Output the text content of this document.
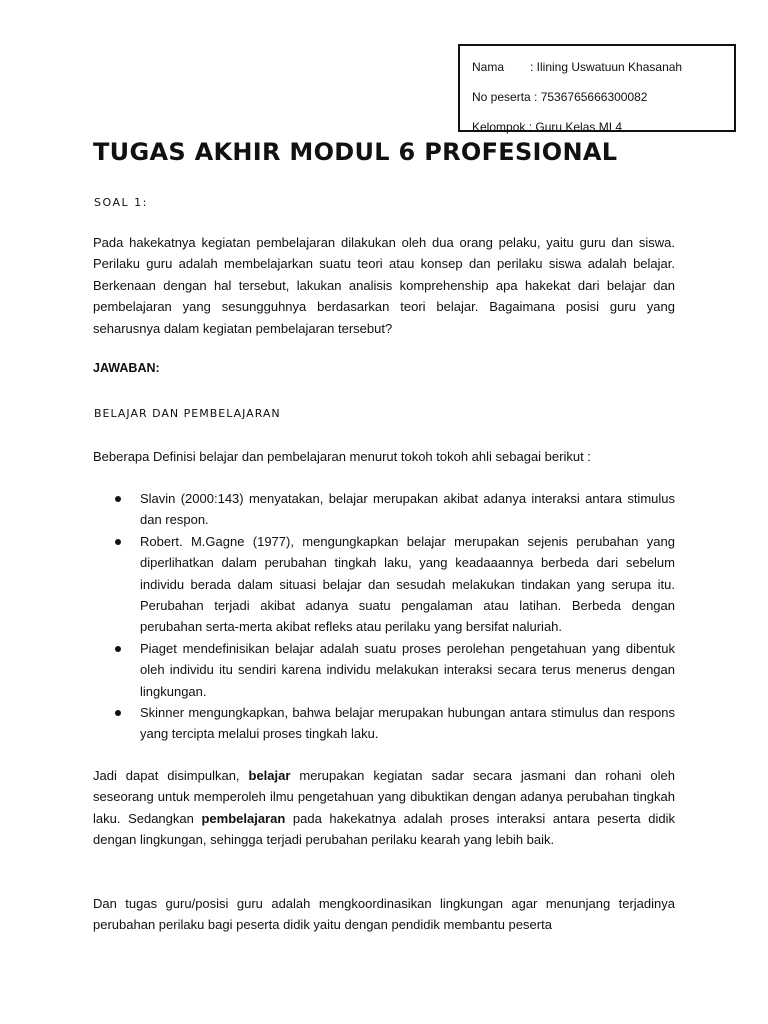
Nama : Ilining Uswatuun Khasanah
No peserta : 7536765666300082
Kelompok : Guru Kelas MI 4
TUGAS AKHIR MODUL 6 PROFESIONAL
SOAL 1:

Pada hakekatnya kegiatan pembelajaran dilakukan oleh dua orang pelaku, yaitu guru dan siswa. Perilaku guru adalah membelajarkan suatu teori atau konsep dan perilaku siswa adalah belajar. Berkenaan dengan hal tersebut, lakukan analisis komprehenship apa hakekat dari belajar dan pembelajaran yang sesungguhnya berdasarkan teori belajar. Bagaimana posisi guru yang seharusnya dalam kegiatan pembelajaran tersebut?

JAWABAN:
BELAJAR DAN PEMBELAJARAN

Beberapa Definisi belajar dan pembelajaran menurut tokoh tokoh ahli sebagai berikut :

Slavin (2000:143) menyatakan, belajar merupakan akibat adanya interaksi antara stimulus dan respon.
Robert. M.Gagne (1977), mengungkapkan belajar merupakan sejenis perubahan yang diperlihatkan dalam perubahan tingkah laku, yang keadaaannya berbeda dari sebelum individu berada dalam situasi belajar dan sesudah melakukan tindakan yang serupa itu. Perubahan terjadi akibat adanya suatu pengalaman atau latihan. Berbeda dengan perubahan serta-merta akibat refleks atau perilaku yang bersifat naluriah.
Piaget mendefinisikan belajar adalah suatu proses perolehan pengetahuan yang dibentuk oleh individu itu sendiri karena individu melakukan interaksi secara terus menerus dengan lingkungan.
Skinner mengungkapkan, bahwa belajar merupakan hubungan antara stimulus dan respons yang tercipta melalui proses tingkah laku.

Jadi dapat disimpulkan, belajar merupakan kegiatan sadar secara jasmani dan rohani oleh seseorang untuk memperoleh ilmu pengetahuan yang dibuktikan dengan adanya perubahan tingkah laku. Sedangkan pembelajaran pada hakekatnya adalah proses interaksi antara peserta didik dengan lingkungan, sehingga terjadi perubahan perilaku kearah yang lebih baik.

Dan tugas guru/posisi guru adalah mengkoordinasikan lingkungan agar menunjang terjadinya perubahan perilaku bagi peserta didik yaitu dengan pendidik membantu peserta
